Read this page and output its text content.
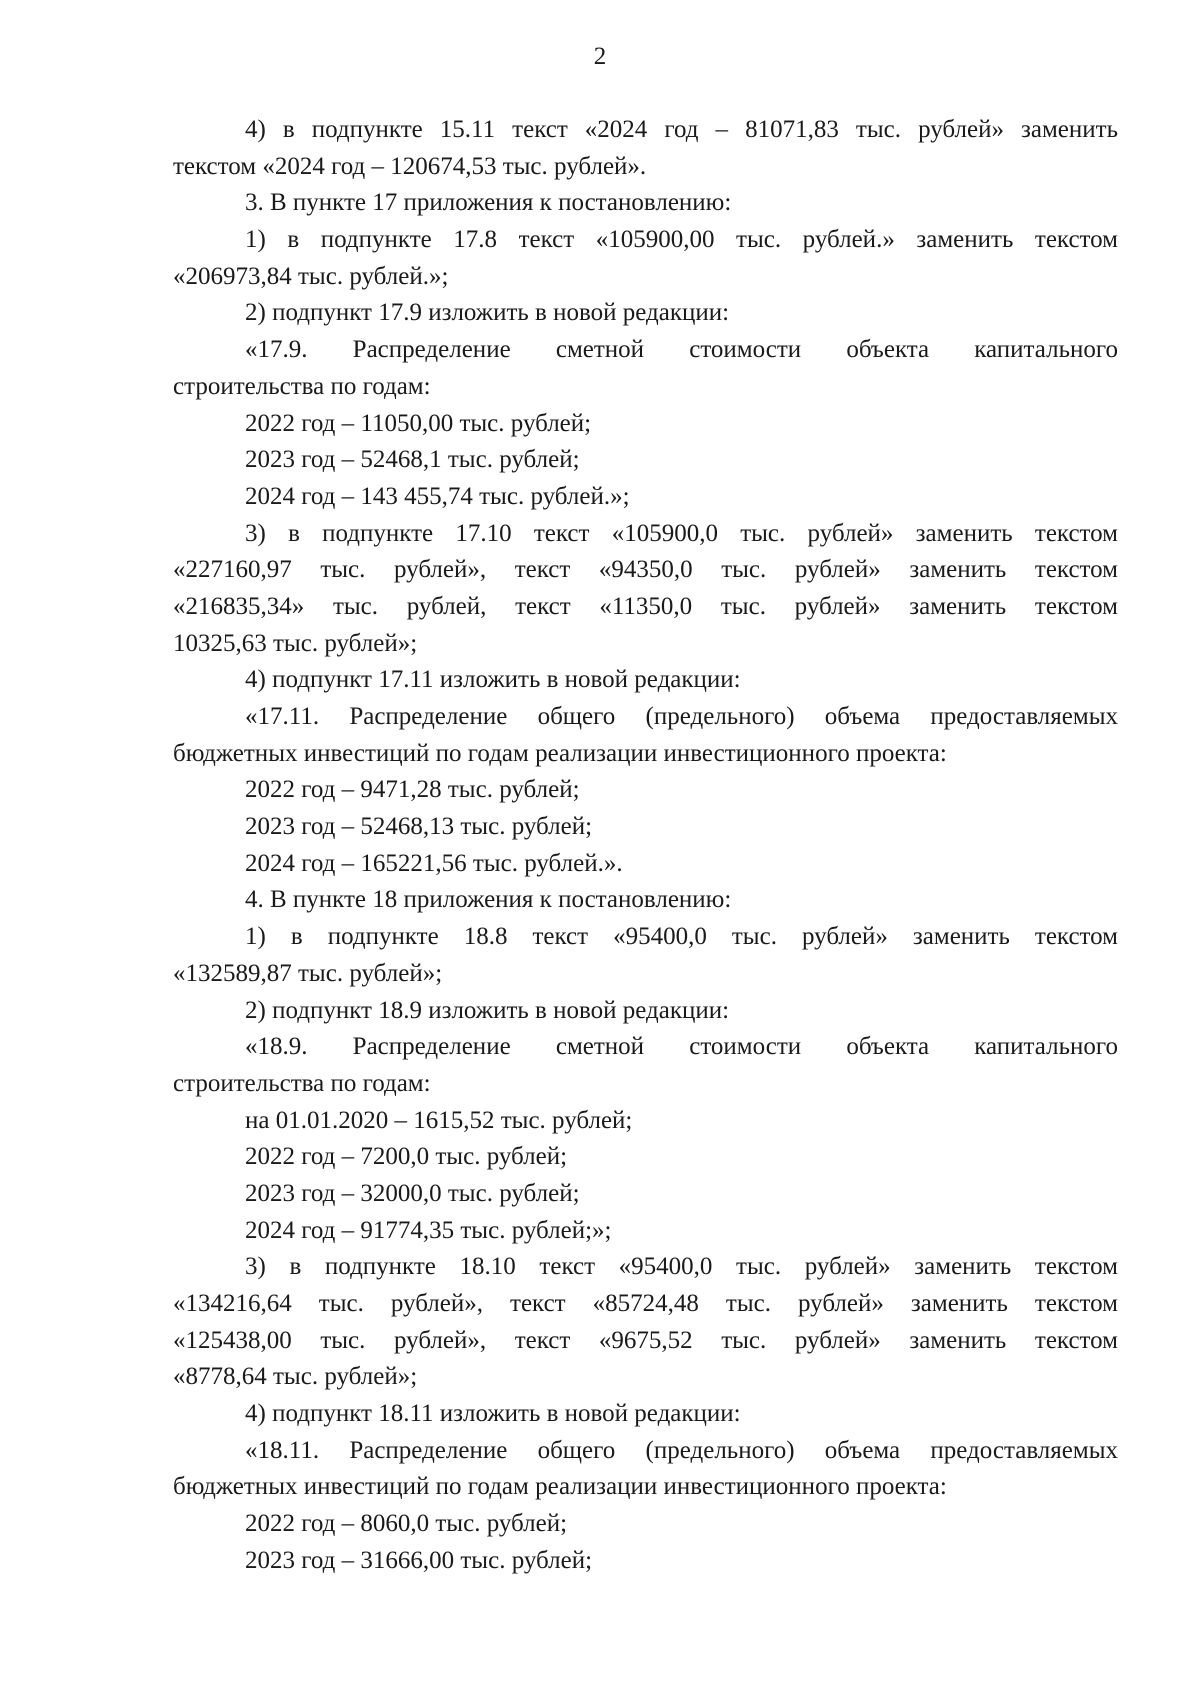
2
4) в подпункте 15.11 текст «2024 год – 81071,83 тыс. рублей» заменить
текстом «2024 год – 120674,53 тыс. рублей».
3. В пункте 17 приложения к постановлению:
1) в подпункте 17.8 текст «105900,00 тыс. рублей.» заменить текстом
«206973,84 тыс. рублей.»;
2) подпункт 17.9 изложить в новой редакции:
«17.9. Распределение сметной стоимости объекта капитального
строительства по годам:
2022 год – 11050,00 тыс. рублей;
2023 год – 52468,1 тыс. рублей;
2024 год – 143 455,74 тыс. рублей.»;
3) в подпункте 17.10 текст «105900,0 тыс. рублей» заменить текстом
«227160,97 тыс. рублей», текст «94350,0 тыс. рублей» заменить текстом
«216835,34» тыс. рублей, текст «11350,0 тыс. рублей» заменить текстом
10325,63 тыс. рублей»;
4) подпункт 17.11 изложить в новой редакции:
«17.11. Распределение общего (предельного) объема предоставляемых
бюджетных инвестиций по годам реализации инвестиционного проекта:
2022 год – 9471,28 тыс. рублей;
2023 год – 52468,13 тыс. рублей;
2024 год – 165221,56 тыс. рублей.».
4. В пункте 18 приложения к постановлению:
1) в подпункте 18.8 текст «95400,0 тыс. рублей» заменить текстом
«132589,87 тыс. рублей»;
2) подпункт 18.9 изложить в новой редакции:
«18.9. Распределение сметной стоимости объекта капитального
строительства по годам:
на 01.01.2020 – 1615,52 тыс. рублей;
2022 год – 7200,0 тыс. рублей;
2023 год – 32000,0 тыс. рублей;
2024 год – 91774,35 тыс. рублей;»;
3) в подпункте 18.10 текст «95400,0 тыс. рублей» заменить текстом
«134216,64 тыс. рублей», текст «85724,48 тыс. рублей» заменить текстом
«125438,00 тыс. рублей», текст «9675,52 тыс. рублей» заменить текстом
«8778,64 тыс. рублей»;
4) подпункт 18.11 изложить в новой редакции:
«18.11. Распределение общего (предельного) объема предоставляемых
бюджетных инвестиций по годам реализации инвестиционного проекта:
2022 год – 8060,0 тыс. рублей;
2023 год – 31666,00 тыс. рублей;
